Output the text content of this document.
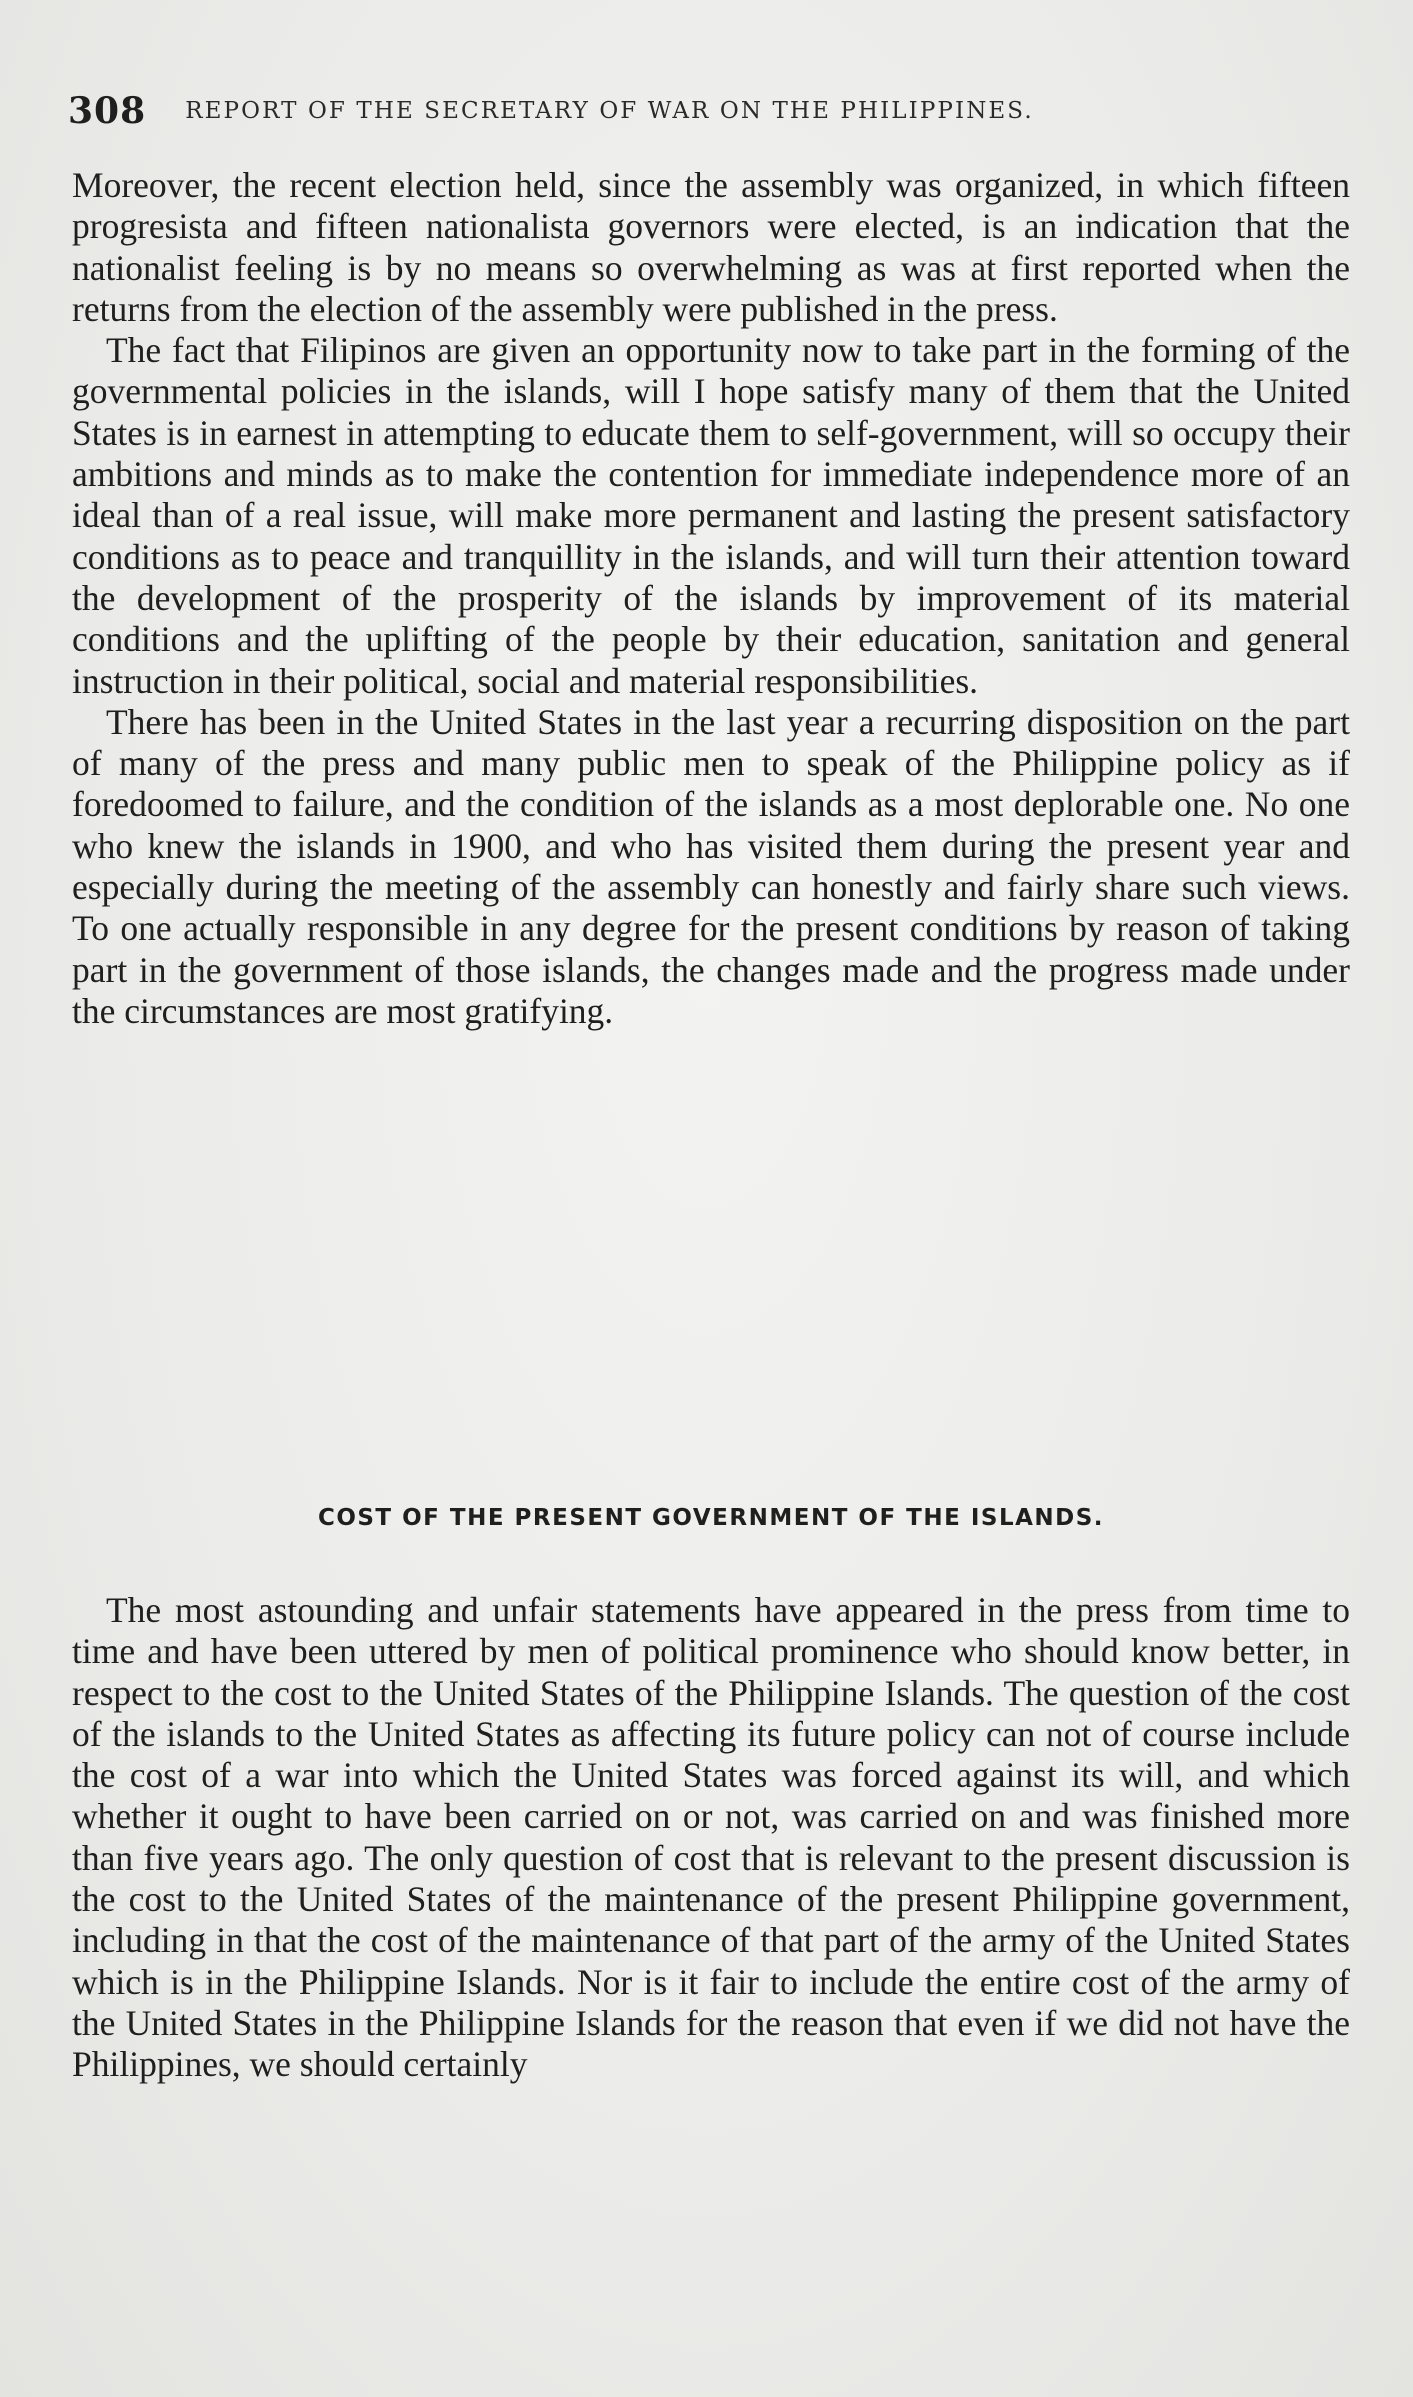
308 REPORT OF THE SECRETARY OF WAR ON THE PHILIPPINES.

Moreover, the recent election held, since the assembly was organized, in which fifteen progresista and fifteen nationalista governors were elected, is an indication that the nationalist feeling is by no means so overwhelming as was at first reported when the returns from the election of the assembly were published in the press.

The fact that Filipinos are given an opportunity now to take part in the forming of the governmental policies in the islands, will I hope satisfy many of them that the United States is in earnest in attempting to educate them to self-government, will so occupy their ambitions and minds as to make the contention for immediate independence more of an ideal than of a real issue, will make more permanent and lasting the present satisfactory conditions as to peace and tranquillity in the islands, and will turn their attention toward the development of the prosperity of the islands by improvement of its material conditions and the uplifting of the people by their education, sanitation and general instruction in their political, social and material responsibilities.

There has been in the United States in the last year a recurring disposition on the part of many of the press and many public men to speak of the Philippine policy as if foredoomed to failure, and the condition of the islands as a most deplorable one. No one who knew the islands in 1900, and who has visited them during the present year and especially during the meeting of the assembly can honestly and fairly share such views. To one actually responsible in any degree for the present conditions by reason of taking part in the government of those islands, the changes made and the progress made under the circumstances are most gratifying.

COST OF THE PRESENT GOVERNMENT OF THE ISLANDS.

The most astounding and unfair statements have appeared in the press from time to time and have been uttered by men of political prominence who should know better, in respect to the cost to the United States of the Philippine Islands. The question of the cost of the islands to the United States as affecting its future policy can not of course include the cost of a war into which the United States was forced against its will, and which whether it ought to have been carried on or not, was carried on and was finished more than five years ago. The only question of cost that is relevant to the present discussion is the cost to the United States of the maintenance of the present Philippine government, including in that the cost of the maintenance of that part of the army of the United States which is in the Philippine Islands. Nor is it fair to include the entire cost of the army of the United States in the Philippine Islands for the reason that even if we did not have the Philippines, we should certainly
